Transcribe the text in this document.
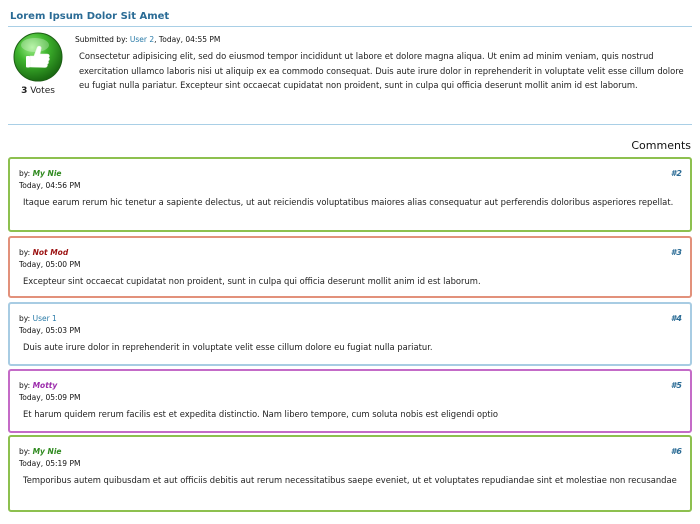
Lorem Ipsum Dolor Sit Amet
3 Votes
Submitted by: User 2, Today, 04:55 PM
Consectetur adipisicing elit, sed do eiusmod tempor incididunt ut labore et dolore magna aliqua. Ut enim ad minim veniam, quis nostrud exercitation ullamco laboris nisi ut aliquip ex ea commodo consequat. Duis aute irure dolor in reprehenderit in voluptate velit esse cillum dolore eu fugiat nulla pariatur. Excepteur sint occaecat cupidatat non proident, sunt in culpa qui officia deserunt mollit anim id est laborum.
Comments
by: My Nie
Today, 04:56 PM
#2
Itaque earum rerum hic tenetur a sapiente delectus, ut aut reiciendis voluptatibus maiores alias consequatur aut perferendis doloribus asperiores repellat.
by: Not Mod
Today, 05:00 PM
#3
Excepteur sint occaecat cupidatat non proident, sunt in culpa qui officia deserunt mollit anim id est laborum.
by: User 1
Today, 05:03 PM
#4
Duis aute irure dolor in reprehenderit in voluptate velit esse cillum dolore eu fugiat nulla pariatur.
by: Motty
Today, 05:09 PM
#5
Et harum quidem rerum facilis est et expedita distinctio. Nam libero tempore, cum soluta nobis est eligendi optio
by: My Nie
Today, 05:19 PM
#6
Temporibus autem quibusdam et aut officiis debitis aut rerum necessitatibus saepe eveniet, ut et voluptates repudiandae sint et molestiae non recusandae
